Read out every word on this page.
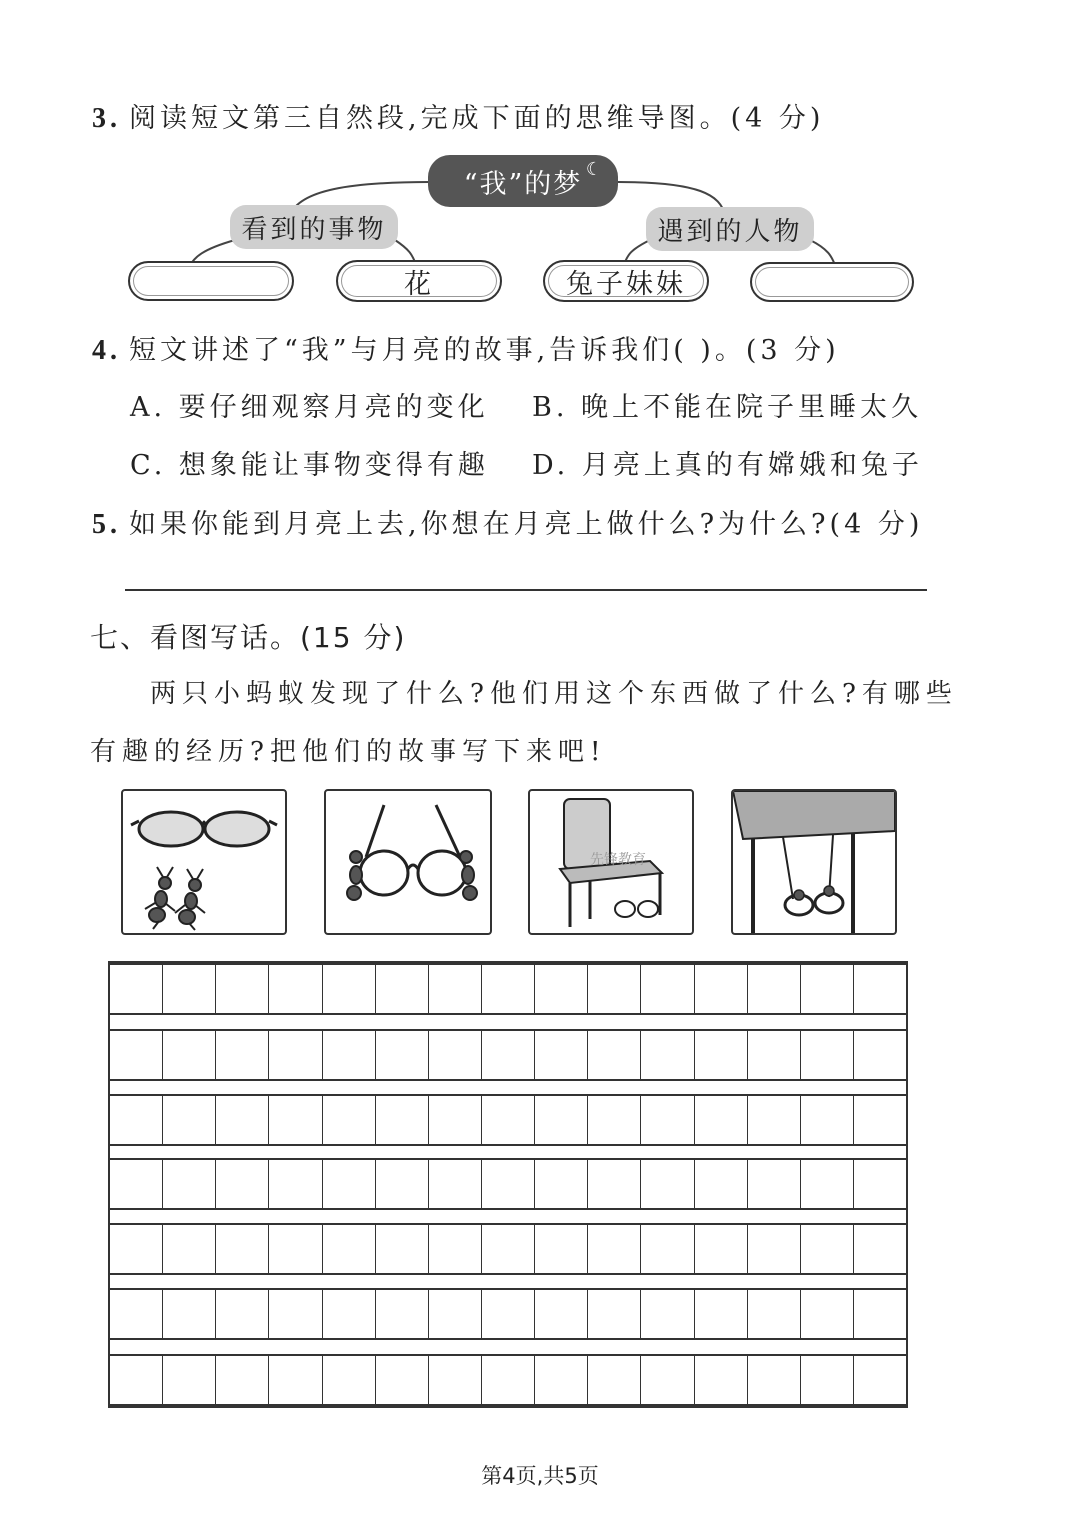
3. 阅读短文第三自然段,完成下面的思维导图。(4 分)
“我”的梦 ☾
看到的事物	遇到的人物
花	兔子妹妹
4. 短文讲述了“我”与月亮的故事,告诉我们( )。(3 分)
A. 要仔细观察月亮的变化 B. 晚上不能在院子里睡太久
C. 想象能让事物变得有趣 D. 月亮上真的有嫦娥和兔子
5. 如果你能到月亮上去,你想在月亮上做什么?为什么?(4 分)
七、看图写话。(15 分)
两只小蚂蚁发现了什么?他们用这个东西做了什么?有哪些
有趣的经历?把他们的故事写下来吧!
先锋教育
第4页,共5页
